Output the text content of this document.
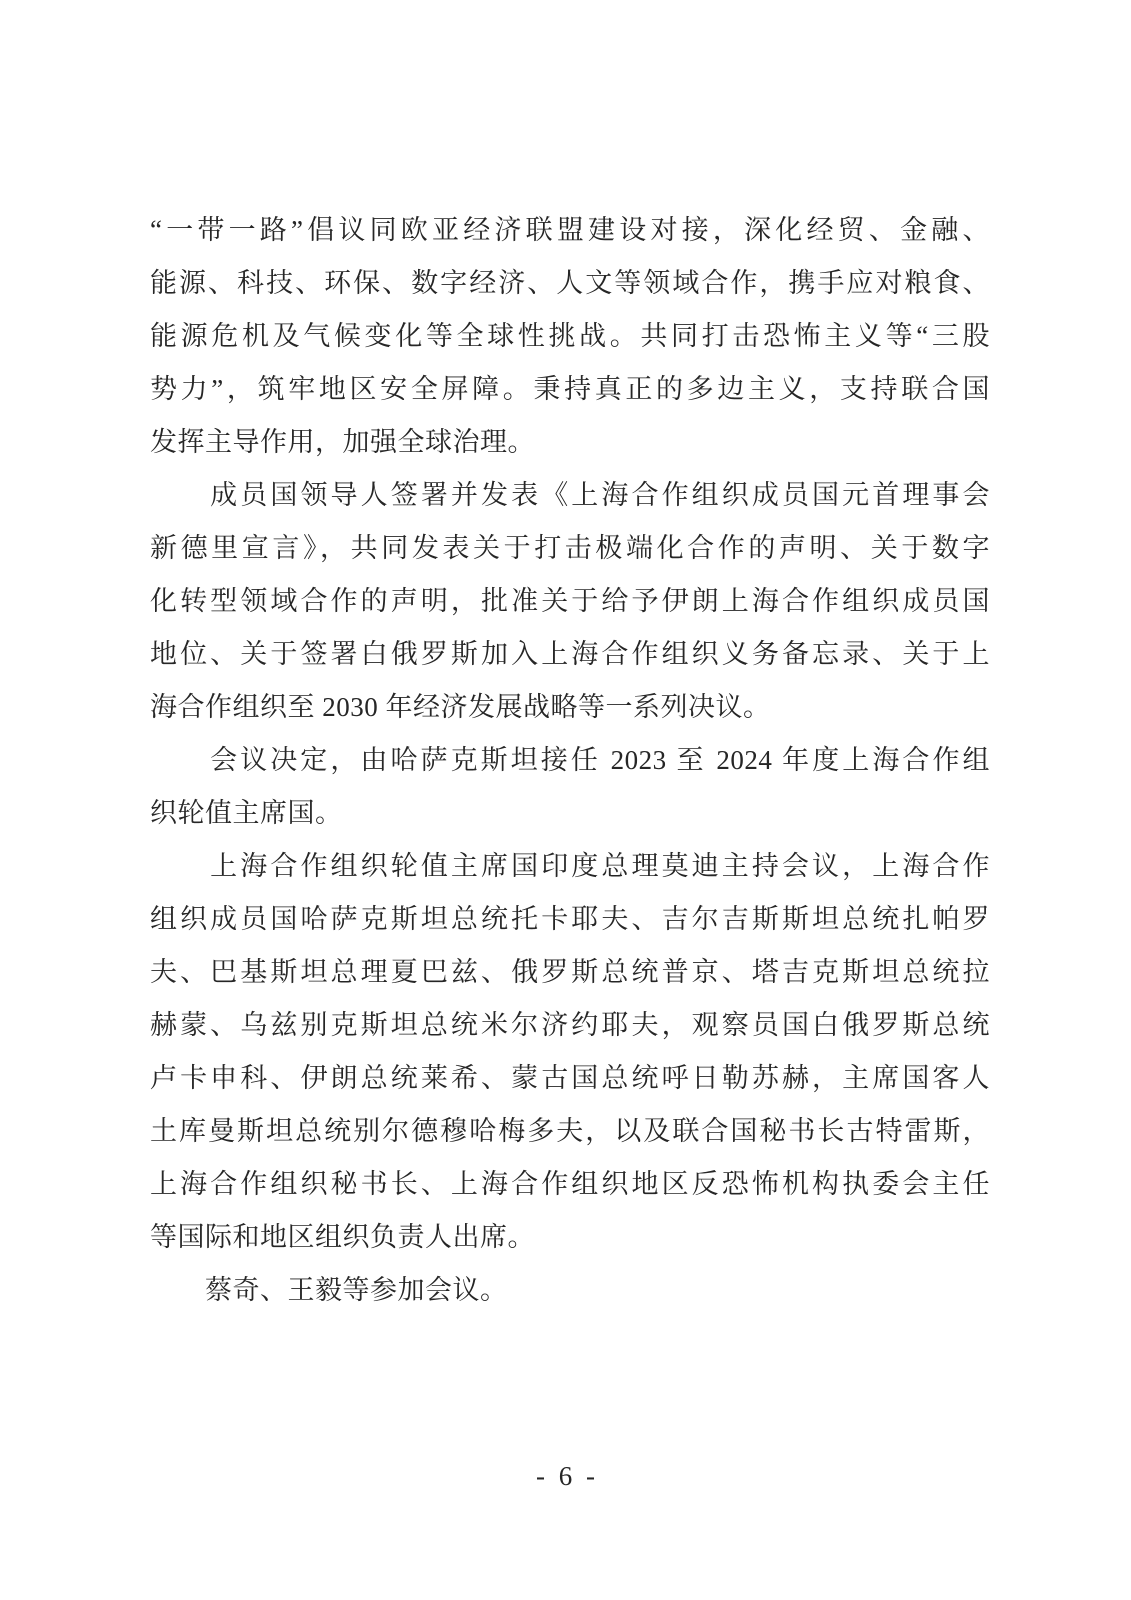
“一带一路”倡议同欧亚经济联盟建设对接，深化经贸、金融、
能源、科技、环保、数字经济、人文等领域合作，携手应对粮食、
能源危机及气候变化等全球性挑战。共同打击恐怖主义等“三股
势力”，筑牢地区安全屏障。秉持真正的多边主义，支持联合国
发挥主导作用，加强全球治理。
　　成员国领导人签署并发表《上海合作组织成员国元首理事会
新德里宣言》，共同发表关于打击极端化合作的声明、关于数字
化转型领域合作的声明，批准关于给予伊朗上海合作组织成员国
地位、关于签署白俄罗斯加入上海合作组织义务备忘录、关于上
海合作组织至 2030 年经济发展战略等一系列决议。
　　会议决定，由哈萨克斯坦接任 2023 至 2024 年度上海合作组
织轮值主席国。
　　上海合作组织轮值主席国印度总理莫迪主持会议，上海合作
组织成员国哈萨克斯坦总统托卡耶夫、吉尔吉斯斯坦总统扎帕罗
夫、巴基斯坦总理夏巴兹、俄罗斯总统普京、塔吉克斯坦总统拉
赫蒙、乌兹别克斯坦总统米尔济约耶夫，观察员国白俄罗斯总统
卢卡申科、伊朗总统莱希、蒙古国总统呼日勒苏赫，主席国客人
土库曼斯坦总统别尔德穆哈梅多夫，以及联合国秘书长古特雷斯，
上海合作组织秘书长、上海合作组织地区反恐怖机构执委会主任
等国际和地区组织负责人出席。
　　蔡奇、王毅等参加会议。
- 6 -
